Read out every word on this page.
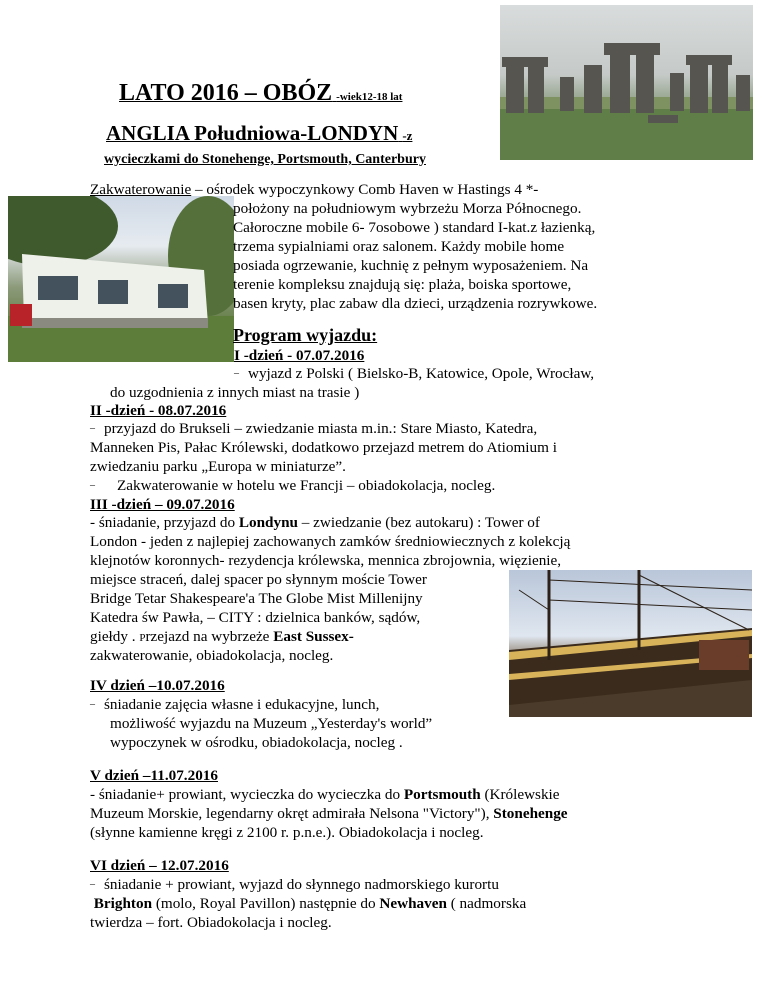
LATO 2016 – OBÓZ -wiek12-18 lat
ANGLIA Południowa-LONDYN -z
wycieczkami do Stonehenge, Portsmouth, Canterbury
Zakwaterowanie – ośrodek wypoczynkowy Comb Haven w Hastings 4 *-
położony na południowym wybrzeżu Morza Północnego.
Całoroczne mobile 6- 7osobowe ) standard I-kat.z łazienką,
trzema sypialniami oraz salonem. Każdy mobile home
posiada ogrzewanie, kuchnię z pełnym wyposażeniem. Na
terenie kompleksu znajdują się: plaża, boiska sportowe,
basen kryty, plac zabaw dla dzieci, urządzenia rozrywkowe.
Program wyjazdu:
I -dzień - 07.07.2016
– wyjazd z Polski ( Bielsko-B, Katowice, Opole, Wrocław,
do uzgodnienia z innych miast na trasie )
II -dzień - 08.07.2016
– przyjazd do Brukseli – zwiedzanie miasta m.in.: Stare Miasto, Katedra,
Manneken Pis, Pałac Królewski, dodatkowo przejazd metrem do Atiomium i
zwiedzaniu parku „Europa w miniaturze”.
– Zakwaterowanie w hotelu we Francji – obiadokolacja, nocleg.
III -dzień – 09.07.2016
- śniadanie, przyjazd do Londynu – zwiedzanie (bez autokaru) : Tower of
London - jeden z najlepiej zachowanych zamków średniowiecznych z kolekcją
klejnotów koronnych- rezydencja królewska, mennica zbrojownia, więzienie,
miejsce straceń, dalej spacer po słynnym moście Tower
Bridge Tetar Shakespeare'a The Globe Mist Millenijny
Katedra św Pawła, – CITY : dzielnica banków, sądów,
giełdy . Przejazd na wybrzeże East Sussex-
zakwaterowanie, obiadokolacja, nocleg.
IV dzień –10.07.2016
– śniadanie zajęcia własne i edukacyjne, lunch,
możliwość wyjazdu na Muzeum „Yesterday's world”
wypoczynek w ośrodku, obiadokolacja, nocleg .
V dzień –11.07.2016
- śniadanie+ prowiant, wycieczka do wycieczka do Portsmouth (Królewskie
Muzeum Morskie, legendarny okręt admirała Nelsona "Victory"), Stonehenge
(słynne kamienne kręgi z 2100 r. p.n.e.). Obiadokolacja i nocleg.
VI dzień – 12.07.2016
– śniadanie + prowiant, wyjazd do słynnego nadmorskiego kurortu
Brighton (molo, Royal Pavillon) następnie do Newhaven ( nadmorska
twierdza – fort. Obiadokolacja i nocleg.
